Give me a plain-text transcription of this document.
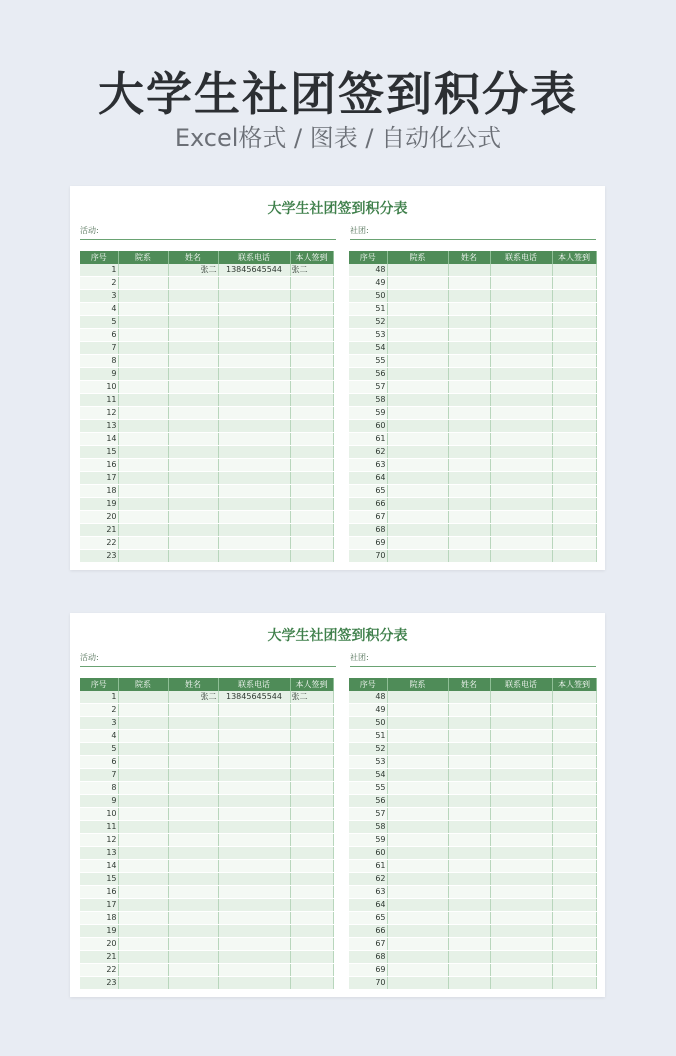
大学生社团签到积分表
Excel格式 / 图表 / 自动化公式
大学生社团签到积分表
活动:	社团:
序号	院系	姓名	联系电话	本人签到
1		张二	13845645544	张二
2				
3				
4				
5				
6				
7				
8				
9				
10				
11				
12				
13				
14				
15				
16				
17				
18				
19				
20				
21				
22				
23				
序号	院系	姓名	联系电话	本人签到
48				
49				
50				
51				
52				
53				
54				
55				
56				
57				
58				
59				
60				
61				
62				
63				
64				
65				
66				
67				
68				
69				
70				
大学生社团签到积分表
活动:	社团:
序号	院系	姓名	联系电话	本人签到
1		张二	13845645544	张二
2				
3				
4				
5				
6				
7				
8				
9				
10				
11				
12				
13				
14				
15				
16				
17				
18				
19				
20				
21				
22				
23				
序号	院系	姓名	联系电话	本人签到
48				
49				
50				
51				
52				
53				
54				
55				
56				
57				
58				
59				
60				
61				
62				
63				
64				
65				
66				
67				
68				
69				
70				
